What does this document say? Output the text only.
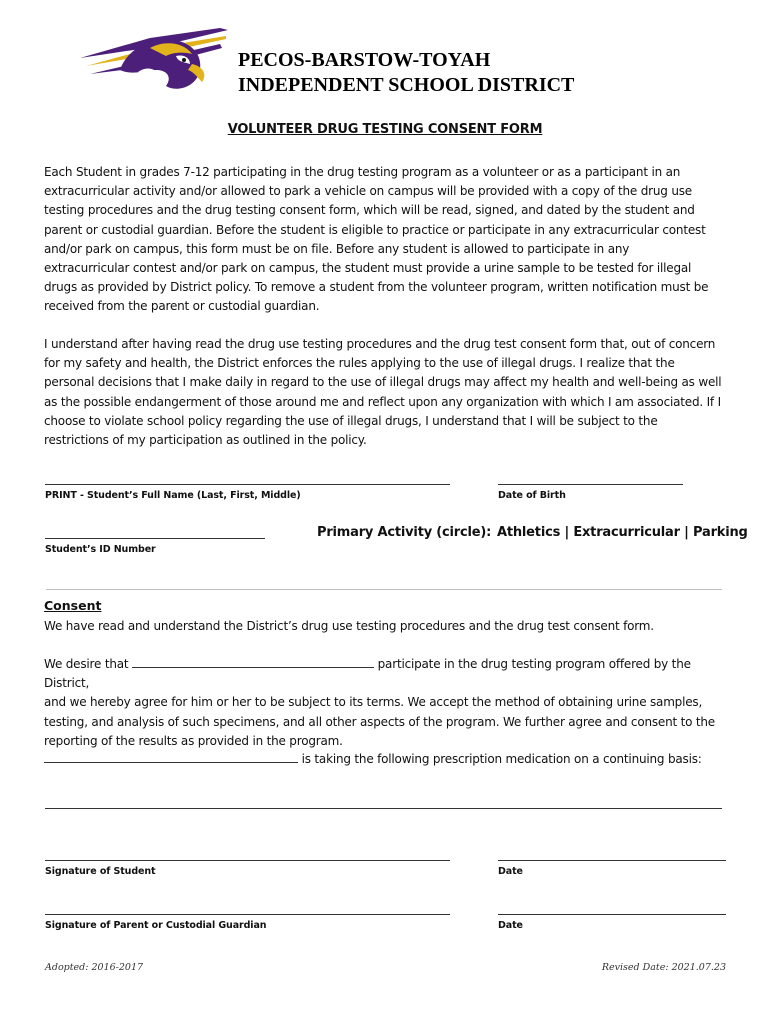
PECOS-BARSTOW-TOYAH
INDEPENDENT SCHOOL DISTRICT
VOLUNTEER DRUG TESTING CONSENT FORM
Each Student in grades 7-12 participating in the drug testing program as a volunteer or as a participant in an
extracurricular activity and/or allowed to park a vehicle on campus will be provided with a copy of the drug use
testing procedures and the drug testing consent form, which will be read, signed, and dated by the student and
parent or custodial guardian. Before the student is eligible to practice or participate in any extracurricular contest
and/or park on campus, this form must be on file. Before any student is allowed to participate in any
extracurricular contest and/or park on campus, the student must provide a urine sample to be tested for illegal
drugs as provided by District policy. To remove a student from the volunteer program, written notification must be
received from the parent or custodial guardian.
I understand after having read the drug use testing procedures and the drug test consent form that, out of concern
for my safety and health, the District enforces the rules applying to the use of illegal drugs. I realize that the
personal decisions that I make daily in regard to the use of illegal drugs may affect my health and well-being as well
as the possible endangerment of those around me and reflect upon any organization with which I am associated. If I
choose to violate school policy regarding the use of illegal drugs, I understand that I will be subject to the
restrictions of my participation as outlined in the policy.
PRINT - Student’s Full Name (Last, First, Middle)	Date of Birth
Student’s ID Number
Primary Activity (circle): Athletics | Extracurricular | Parking
Consent
We have read and understand the District’s drug use testing procedures and the drug test consent form.
We desire that	participate in the drug testing program offered by the District,
and we hereby agree for him or her to be subject to its terms. We accept the method of obtaining urine samples,
testing, and analysis of such specimens, and all other aspects of the program. We further agree and consent to the
reporting of the results as provided in the program.
is taking the following prescription medication on a continuing basis:
Signature of Student	Date
Signature of Parent or Custodial Guardian	Date
Adopted: 2016-2017	Revised Date: 2021.07.23
